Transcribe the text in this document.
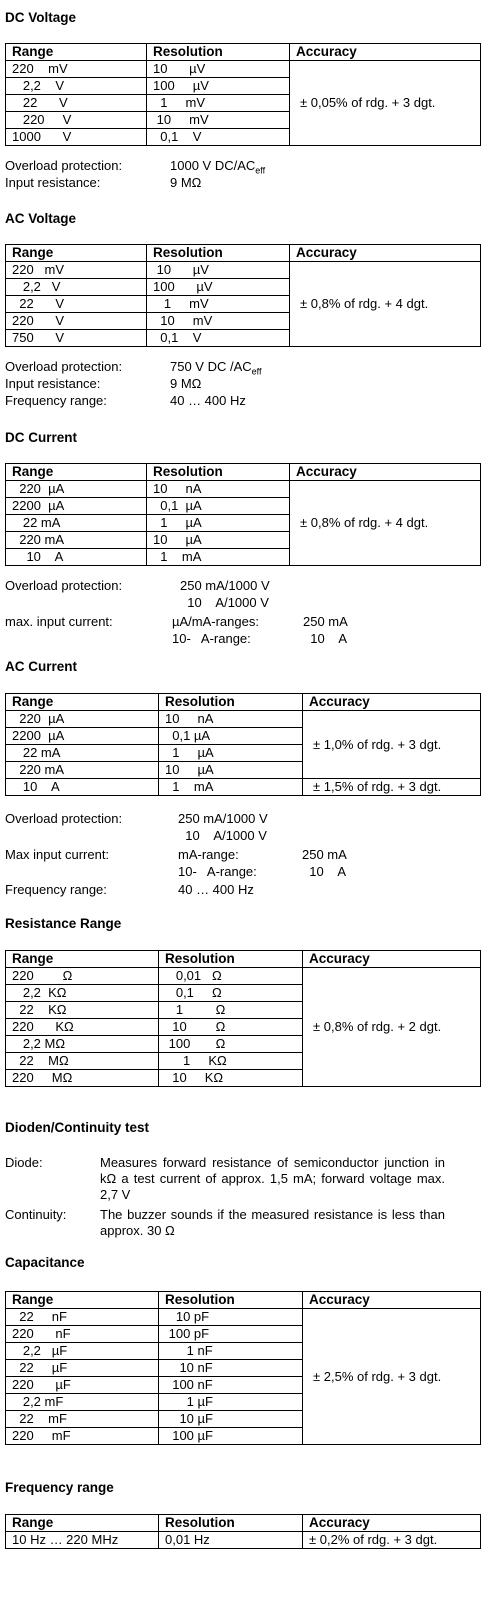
DC Voltage
Range	Resolution	Accuracy
220    mV	10      µV	± 0,05% of rdg. + 3 dgt.
2,2    V	100     µV	
22      V	1     mV	
220     V	10     mV	
1000      V	0,1    V	
Overload protection:	1000 V $DC/AC_{eff}$
Input resistance:	9 MΩ
AC Voltage
Range	Resolution	Accuracy
220   mV	10      µV	± 0,8% of rdg. + 4 dgt.
2,2   V	100      µV	
22      V	1     mV	
220      V	10     mV	
750      V	0,1    V	
Overload protection:	750 V DC $/AC_{eff}$
Input resistance:	9 MΩ
Frequency range:	40 … 400 Hz
DC Current
Range	Resolution	Accuracy
220  µA	10     nA	± 0,8% of rdg. + 4 dgt.
2200  µA	0,1  µA	
22 mA	1     µA	
220 mA	10     µA	
10    A	1    mA	
Overload protection:	250 mA/1000 V
10    A/1000 V
max. input current:	µA/mA-ranges:	250 mA
10-   A-range:	10    A
AC Current
Range	Resolution	Accuracy
220  µA	10     nA	± 1,0% of rdg. + 3 dgt.
2200  µA	0,1 µA	
22 mA	1     µA	
220 mA	10     µA	
10    A	1    mA	± 1,5% of rdg. + 3 dgt.
Overload protection:	250 mA/1000 V
10    A/1000 V
Max input current:	mA-range:	250 mA
10-   A-range:	10    A
Frequency range:	40 … 400 Hz
Resistance Range
Range	Resolution	Accuracy
220        Ω	0,01   Ω	± 0,8% of rdg. + 2 dgt.
2,2  KΩ	0,1     Ω	
22    KΩ	1         Ω	
220      KΩ	10        Ω	
2,2 MΩ	100       Ω	
22    MΩ	1     KΩ	
220     MΩ	10     KΩ	
Dioden/Continuity test
Diode:	Measures forward resistance of semiconductor junction in kΩ a test current of approx. 1,5 mA; forward voltage max. 2,7 V
Continuity:	The buzzer sounds if the measured resistance is less than approx. 30 Ω
Capacitance
Range	Resolution	Accuracy
22     nF	10 pF	± 2,5% of rdg. + 3 dgt.
220      nF	100 pF	
2,2   µF	1 nF	
22     µF	10 nF	
220      µF	100 nF	
2,2 mF	1 µF	
22    mF	10 µF	
220     mF	100 µF	
Frequency range
Range	Resolution	Accuracy
10 Hz … 220 MHz	0,01 Hz	± 0,2% of rdg. + 3 dgt.
